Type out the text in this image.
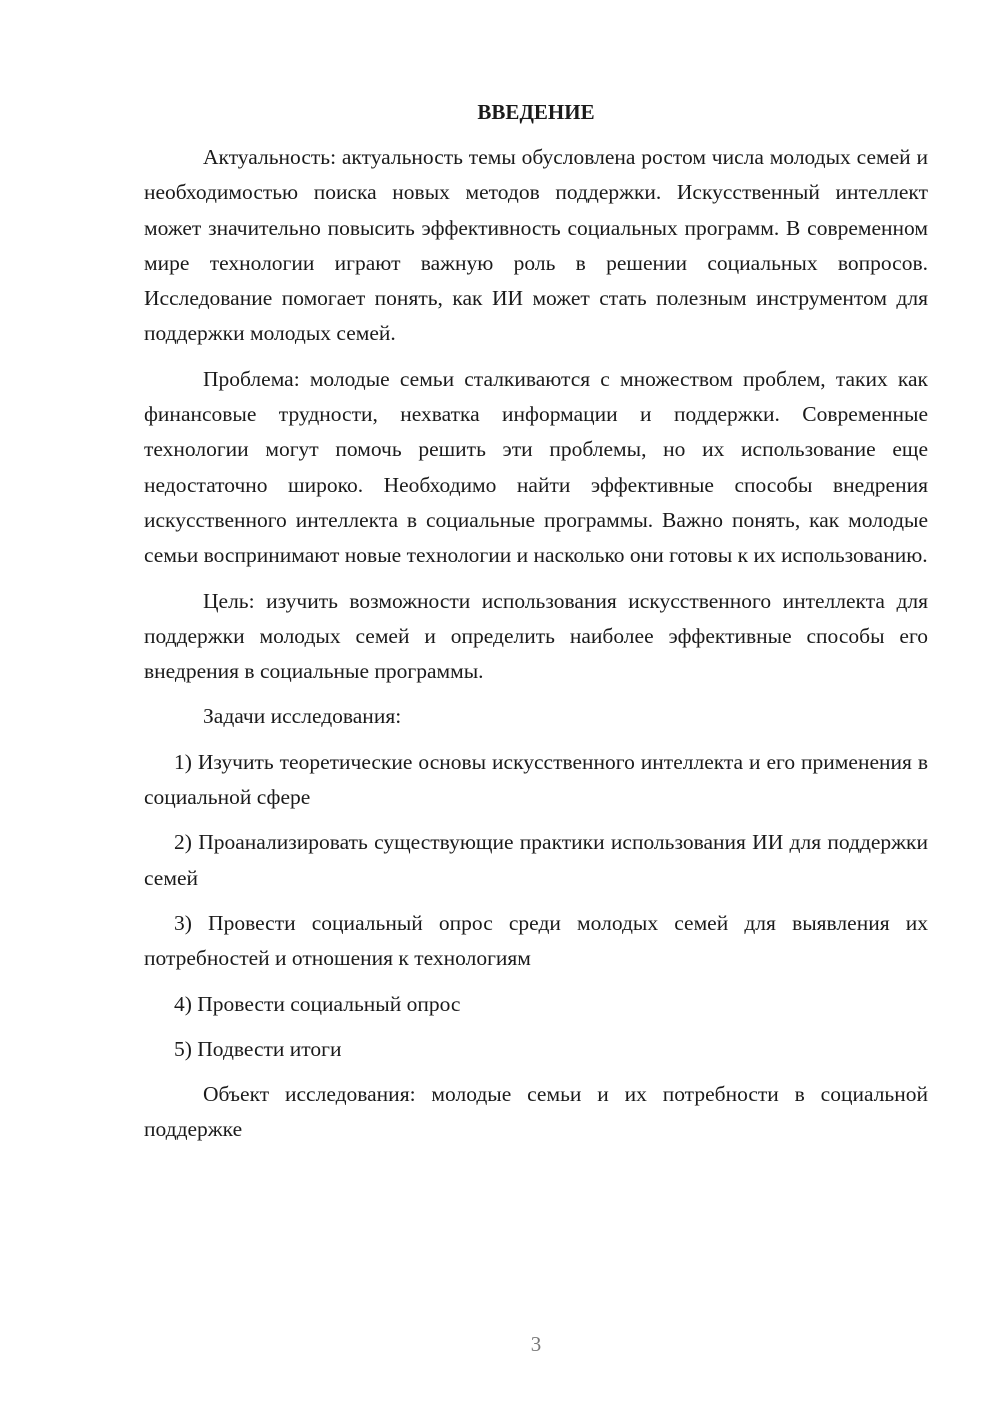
ВВЕДЕНИЕ

Актуальность: актуальность темы обусловлена ростом числа молодых семей и необходимостью поиска новых методов поддержки. Искусственный интеллект может значительно повысить эффективность социальных программ. В современном мире технологии играют важную роль в решении социальных вопросов. Исследование помогает понять, как ИИ может стать полезным инструментом для поддержки молодых семей.

Проблема: молодые семьи сталкиваются с множеством проблем, таких как финансовые трудности, нехватка информации и поддержки. Современные технологии могут помочь решить эти проблемы, но их использование еще недостаточно широко. Необходимо найти эффективные способы внедрения искусственного интеллекта в социальные программы. Важно понять, как молодые семьи воспринимают новые технологии и насколько они готовы к их использованию.

Цель: изучить возможности использования искусственного интеллекта для поддержки молодых семей и определить наиболее эффективные способы его внедрения в социальные программы.

Задачи исследования:

1) Изучить теоретические основы искусственного интеллекта и его применения в социальной сфере

2) Проанализировать существующие практики использования ИИ для поддержки семей

3) Провести социальный опрос среди молодых семей для выявления их потребностей и отношения к технологиям

4) Провести социальный опрос

5) Подвести итоги

Объект исследования: молодые семьи и их потребности в социальной поддержке

3
